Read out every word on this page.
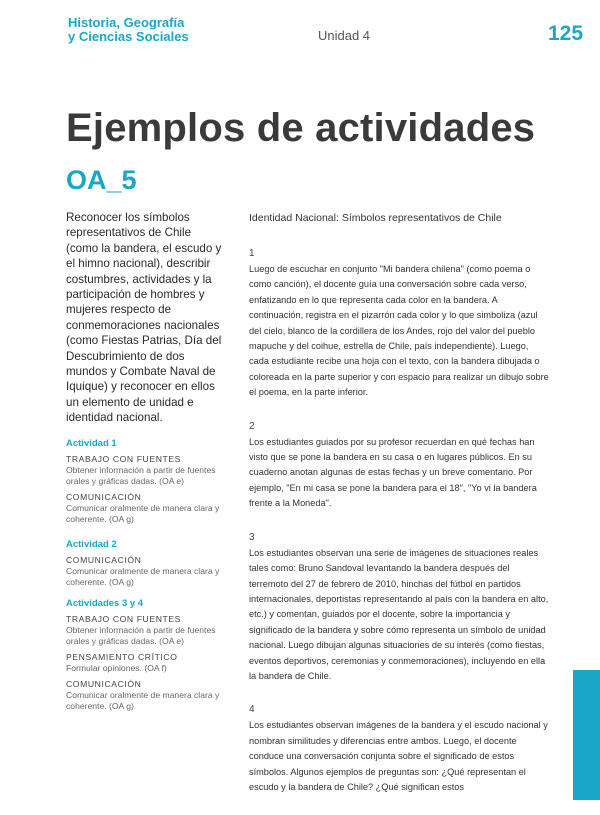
Historia, Geografía
y Ciencias Sociales	Unidad 4	125
Ejemplos de actividades
OA_5

Reconocer los símbolos representativos de Chile (como la bandera, el escudo y el himno nacional), describir costumbres, actividades y la participación de hombres y mujeres respecto de conmemoraciones nacionales (como Fiestas Patrias, Día del Descubrimiento de dos mundos y Combate Naval de Iquique) y reconocer en ellos un elemento de unidad e identidad nacional.

Actividad 1
TRABAJO CON FUENTES
Obtener información a partir de fuentes orales y gráficas dadas. (OA e)
COMUNICACIÓN
Comunicar oralmente de manera clara y coherente. (OA g)
Actividad 2
COMUNICACIÓN
Comunicar oralmente de manera clara y coherente. (OA g)
Actividades 3 y 4
TRABAJO CON FUENTES
Obtener información a partir de fuentes orales y gráficas dadas. (OA e)
PENSAMIENTO CRÍTICO
Formular opiniones. (OA f)
COMUNICACIÓN
Comunicar oralmente de manera clara y coherente. (OA g)
Identidad Nacional: Símbolos representativos de Chile
1
Luego de escuchar en conjunto "Mi bandera chilena" (como poema o como canción), el docente guía una conversación sobre cada verso, enfatizando en lo que representa cada color en la bandera. A continuación, registra en el pizarrón cada color y lo que simboliza (azul del cielo, blanco de la cordillera de los Andes, rojo del valor del pueblo mapuche y del coihue, estrella de Chile, país independiente). Luego, cada estudiante recibe una hoja con el texto, con la bandera dibujada o coloreada en la parte superior y con espacio para realizar un dibujo sobre el poema, en la parte inferior.
2
Los estudiantes guiados por su profesor recuerdan en qué fechas han visto que se pone la bandera en su casa o en lugares públicos. En su cuaderno anotan algunas de estas fechas y un breve comentario. Por ejemplo, "En mi casa se pone la bandera para el 18", "Yo vi la bandera frente a la Moneda".
3
Los estudiantes observan una serie de imágenes de situaciones reales tales como: Bruno Sandoval levantando la bandera después del terremoto del 27 de febrero de 2010, hinchas del fútbol en partidos internacionales, deportistas representando al país con la bandera en alto, etc.) y comentan, guiados por el docente, sobre la importancia y significado de la bandera y sobre cómo representa un símbolo de unidad nacional. Luego dibujan algunas situaciones de su interés (como fiestas, eventos deportivos, ceremonias y conmemoraciones), incluyendo en ella la bandera de Chile.
4
Los estudiantes observan imágenes de la bandera y el escudo nacional y nombran similitudes y diferencias entre ambos. Luego, el docente conduce una conversación conjunta sobre el significado de estos símbolos. Algunos ejemplos de preguntas son: ¿Qué representan el escudo y la bandera de Chile? ¿Qué significan estos
